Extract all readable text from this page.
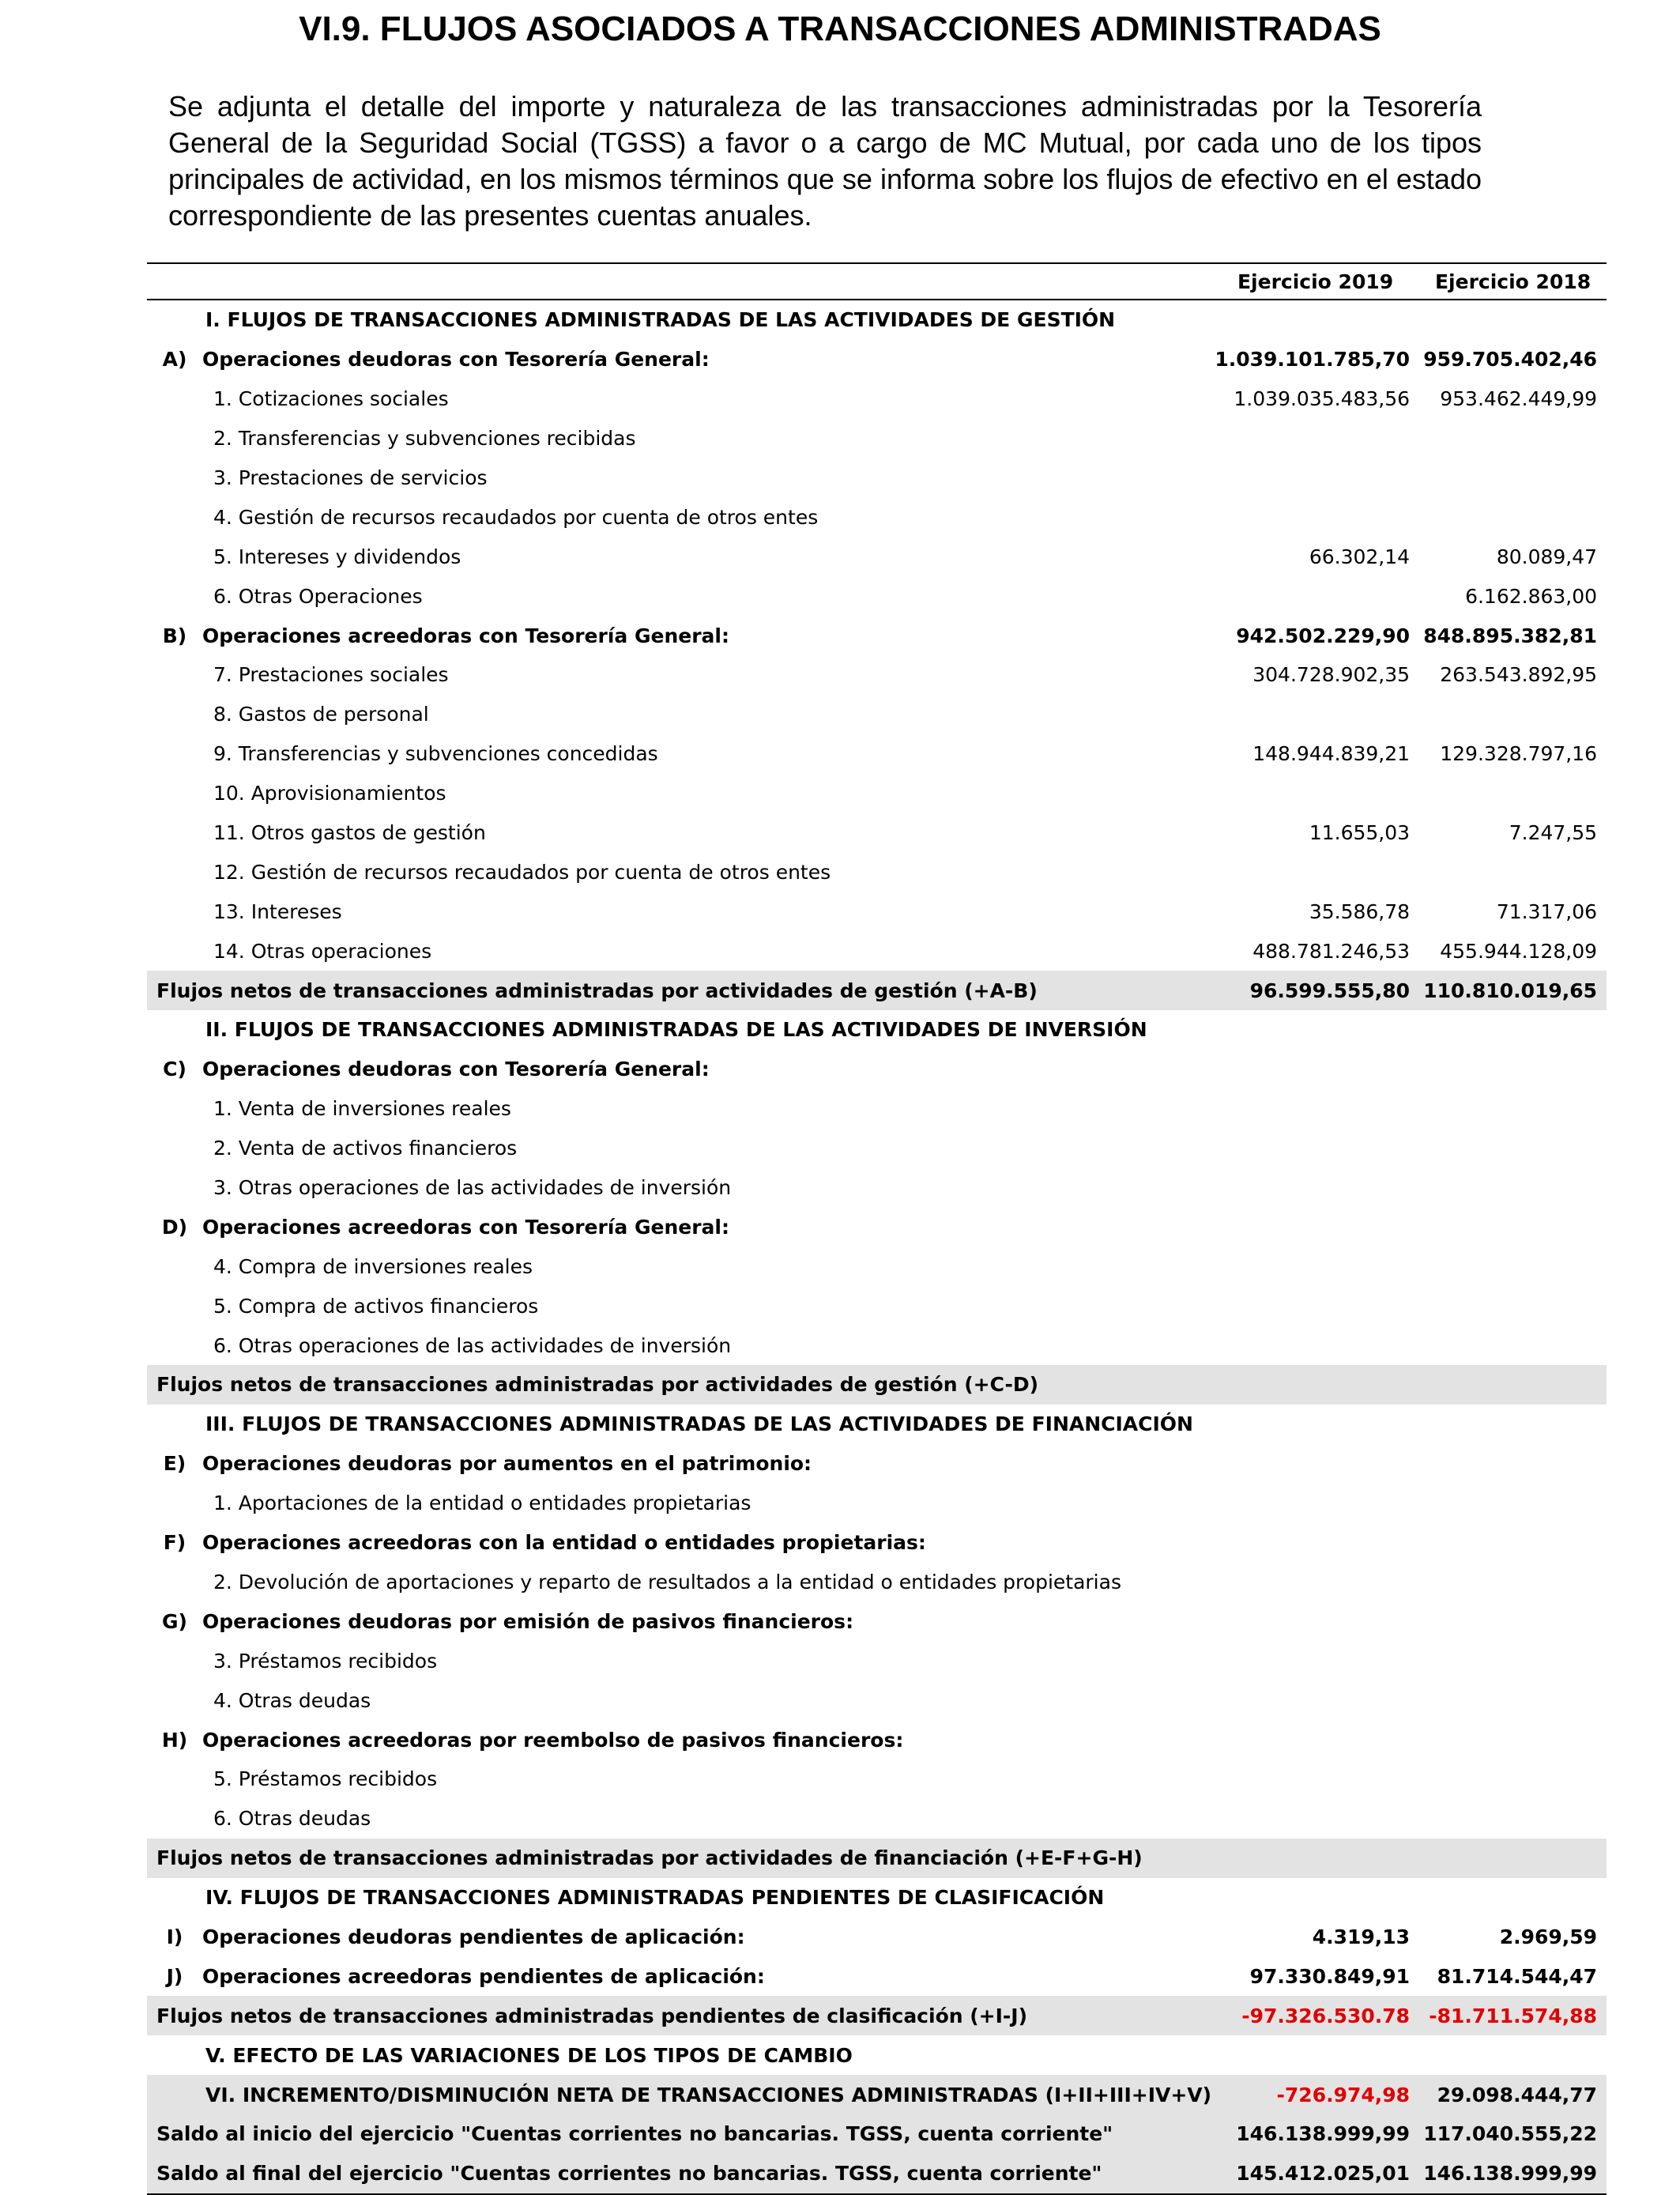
VI.9. FLUJOS ASOCIADOS A TRANSACCIONES ADMINISTRADAS
Se adjunta el detalle del importe y naturaleza de las transacciones administradas por la Tesorería General de la Seguridad Social (TGSS) a favor o a cargo de MC Mutual, por cada uno de los tipos principales de actividad, en los mismos términos que se informa sobre los flujos de efectivo en el estado correspondiente de las presentes cuentas anuales.
	Ejercicio 2019	Ejercicio 2018
I. FLUJOS DE TRANSACCIONES ADMINISTRADAS DE LAS ACTIVIDADES DE GESTIÓN		
A) Operaciones deudoras con Tesorería General:	1.039.101.785,70	959.705.402,46
1. Cotizaciones sociales	1.039.035.483,56	953.462.449,99
2. Transferencias y subvenciones recibidas		
3. Prestaciones de servicios		
4. Gestión de recursos recaudados por cuenta de otros entes		
5. Intereses y dividendos	66.302,14	80.089,47
6. Otras Operaciones		6.162.863,00
B) Operaciones acreedoras con Tesorería General:	942.502.229,90	848.895.382,81
7. Prestaciones sociales	304.728.902,35	263.543.892,95
8. Gastos de personal		
9. Transferencias y subvenciones concedidas	148.944.839,21	129.328.797,16
10. Aprovisionamientos		
11. Otros gastos de gestión	11.655,03	7.247,55
12. Gestión de recursos recaudados por cuenta de otros entes		
13. Intereses	35.586,78	71.317,06
14. Otras operaciones	488.781.246,53	455.944.128,09
Flujos netos de transacciones administradas por actividades de gestión (+A-B)	96.599.555,80	110.810.019,65
II. FLUJOS DE TRANSACCIONES ADMINISTRADAS DE LAS ACTIVIDADES DE INVERSIÓN		
C) Operaciones deudoras con Tesorería General:		
1. Venta de inversiones reales		
2. Venta de activos financieros		
3. Otras operaciones de las actividades de inversión		
D) Operaciones acreedoras con Tesorería General:		
4. Compra de inversiones reales		
5. Compra de activos financieros		
6. Otras operaciones de las actividades de inversión		
Flujos netos de transacciones administradas por actividades de gestión (+C-D)		
III. FLUJOS DE TRANSACCIONES ADMINISTRADAS DE LAS ACTIVIDADES DE FINANCIACIÓN		
E) Operaciones deudoras por aumentos en el patrimonio:		
1. Aportaciones de la entidad o entidades propietarias		
F) Operaciones acreedoras con la entidad o entidades propietarias:		
2. Devolución de aportaciones y reparto de resultados a la entidad o entidades propietarias		
G) Operaciones deudoras por emisión de pasivos financieros:		
3. Préstamos recibidos		
4. Otras deudas		
H) Operaciones acreedoras por reembolso de pasivos financieros:		
5. Préstamos recibidos		
6. Otras deudas		
Flujos netos de transacciones administradas por actividades de financiación (+E-F+G-H)		
IV. FLUJOS DE TRANSACCIONES ADMINISTRADAS PENDIENTES DE CLASIFICACIÓN		
I) Operaciones deudoras pendientes de aplicación:	4.319,13	2.969,59
J) Operaciones acreedoras pendientes de aplicación:	97.330.849,91	81.714.544,47
Flujos netos de transacciones administradas pendientes de clasificación (+I-J)	-97.326.530.78	-81.711.574,88
V. EFECTO DE LAS VARIACIONES DE LOS TIPOS DE CAMBIO		
VI. INCREMENTO/DISMINUCIÓN NETA DE TRANSACCIONES ADMINISTRADAS (I+II+III+IV+V)	-726.974,98	29.098.444,77
Saldo al inicio del ejercicio "Cuentas corrientes no bancarias. TGSS, cuenta corriente"	146.138.999,99	117.040.555,22
Saldo al final del ejercicio "Cuentas corrientes no bancarias. TGSS, cuenta corriente"	145.412.025,01	146.138.999,99
